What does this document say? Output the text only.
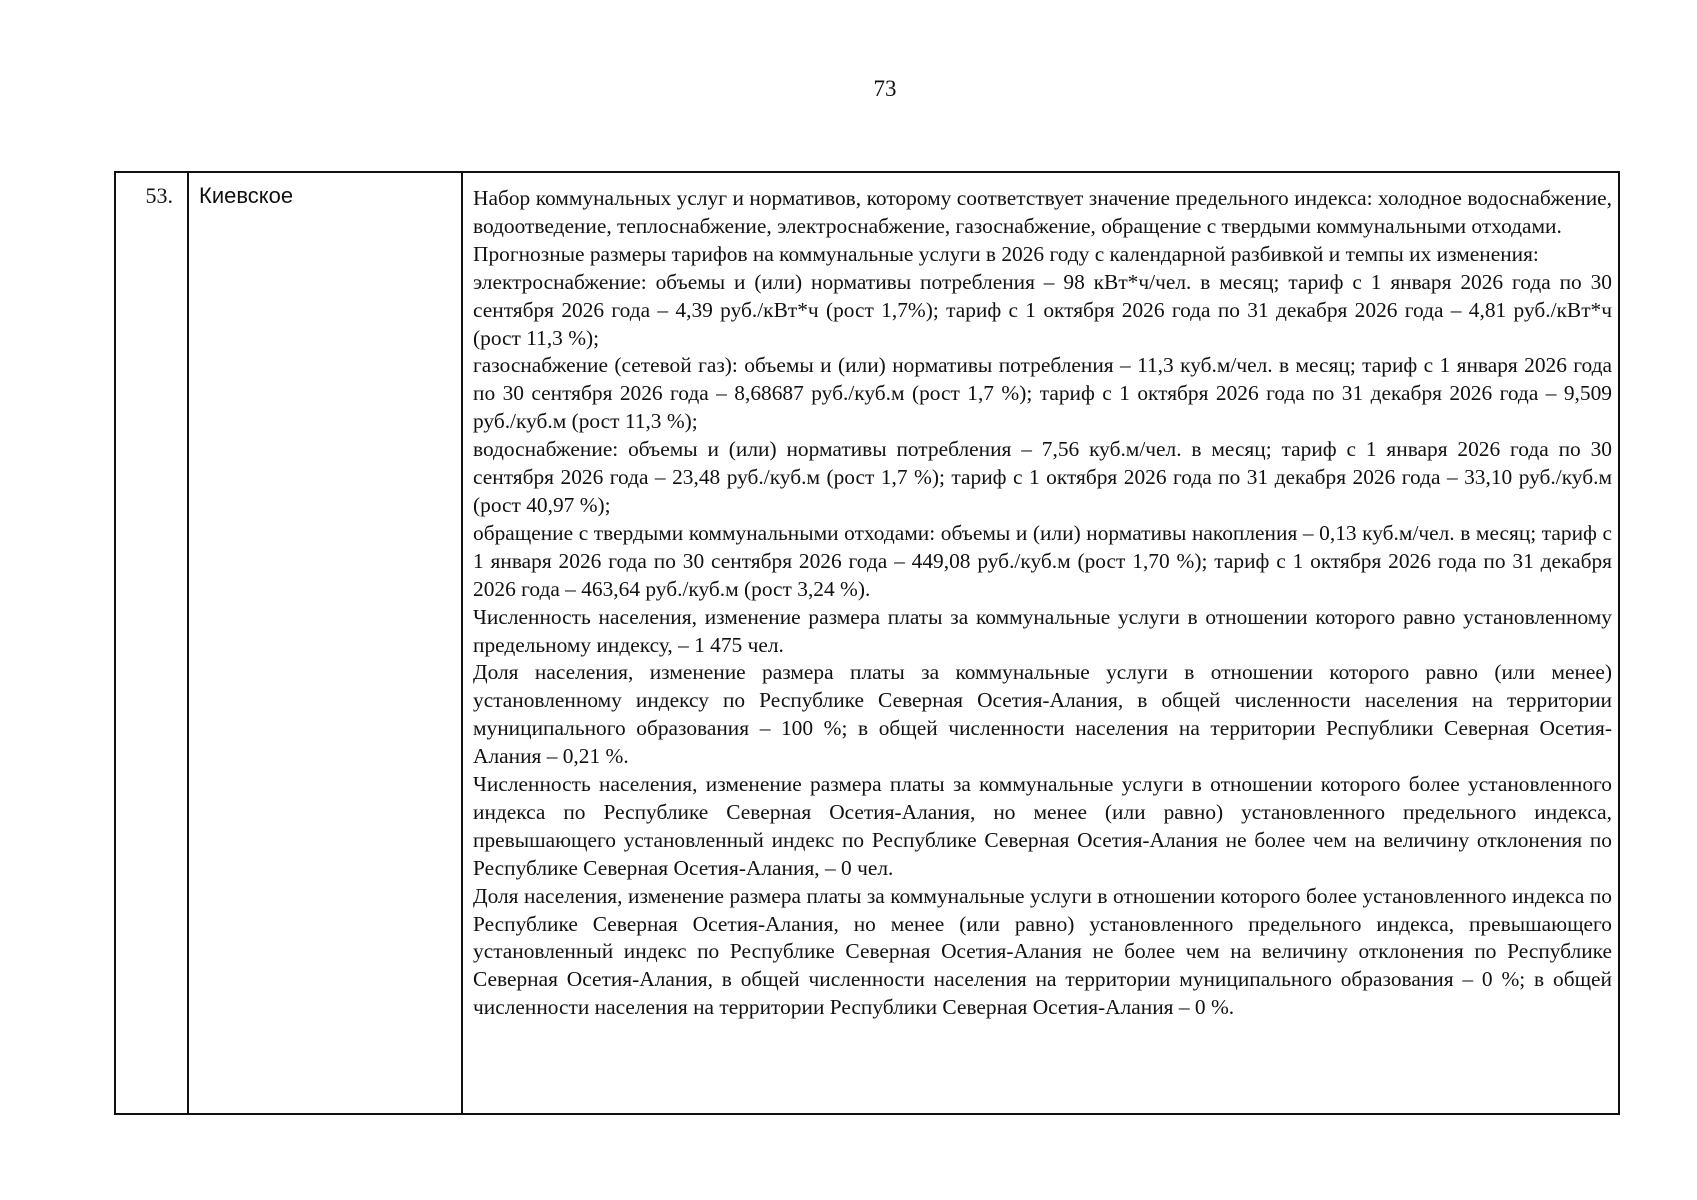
73
53.	Киевское	Набор коммунальных услуг и нормативов, которому соответствует значение предельного индекса: холодное водоснабжение, водоотведение, теплоснабжение, электроснабжение, газоснабжение, обращение с твердыми коммунальными отходами.

Прогнозные размеры тарифов на коммунальные услуги в 2026 году с календарной разбивкой и темпы их изменения:

электроснабжение: объемы и (или) нормативы потребления – 98 кВт*ч/чел. в месяц; тариф с 1 января 2026 года по 30 сентября 2026 года – 4,39 руб./кВт*ч (рост 1,7%); тариф с 1 октября 2026 года по 31 декабря 2026 года – 4,81 руб./кВт*ч (рост 11,3 %);

газоснабжение (сетевой газ): объемы и (или) нормативы потребления – 11,3 куб.м/чел. в месяц; тариф с 1 января 2026 года по 30 сентября 2026 года – 8,68687 руб./куб.м (рост 1,7 %); тариф с 1 октября 2026 года по 31 декабря 2026 года – 9,509 руб./куб.м (рост 11,3 %);

водоснабжение: объемы и (или) нормативы потребления – 7,56 куб.м/чел. в месяц; тариф с 1 января 2026 года по 30 сентября 2026 года – 23,48 руб./куб.м (рост 1,7 %); тариф с 1 октября 2026 года по 31 декабря 2026 года – 33,10 руб./куб.м (рост 40,97 %);

обращение с твердыми коммунальными отходами: объемы и (или) нормативы накопления – 0,13 куб.м/чел. в месяц; тариф с 1 января 2026 года по 30 сентября 2026 года – 449,08 руб./куб.м (рост 1,70 %); тариф с 1 октября 2026 года по 31 декабря 2026 года – 463,64 руб./куб.м (рост 3,24 %).

Численность населения, изменение размера платы за коммунальные услуги в отношении которого равно установленному предельному индексу, – 1 475 чел.

Доля населения, изменение размера платы за коммунальные услуги в отношении которого равно (или менее) установленному индексу по Республике Северная Осетия-Алания, в общей численности населения на территории муниципального образования – 100 %; в общей численности населения на территории Республики Северная Осетия-Алания – 0,21 %.

Численность населения, изменение размера платы за коммунальные услуги в отношении которого более установленного индекса по Республике Северная Осетия-Алания, но менее (или равно) установленного предельного индекса, превышающего установленный индекс по Республике Северная Осетия-Алания не более чем на величину отклонения по Республике Северная Осетия-Алания, – 0 чел.

Доля населения, изменение размера платы за коммунальные услуги в отношении которого более установленного индекса по Республике Северная Осетия-Алания, но менее (или равно) установленного предельного индекса, превышающего установленный индекс по Республике Северная Осетия-Алания не более чем на величину отклонения по Республике Северная Осетия-Алания, в общей численности населения на территории муниципального образования – 0 %; в общей численности населения на территории Республики Северная Осетия-Алания – 0 %.
